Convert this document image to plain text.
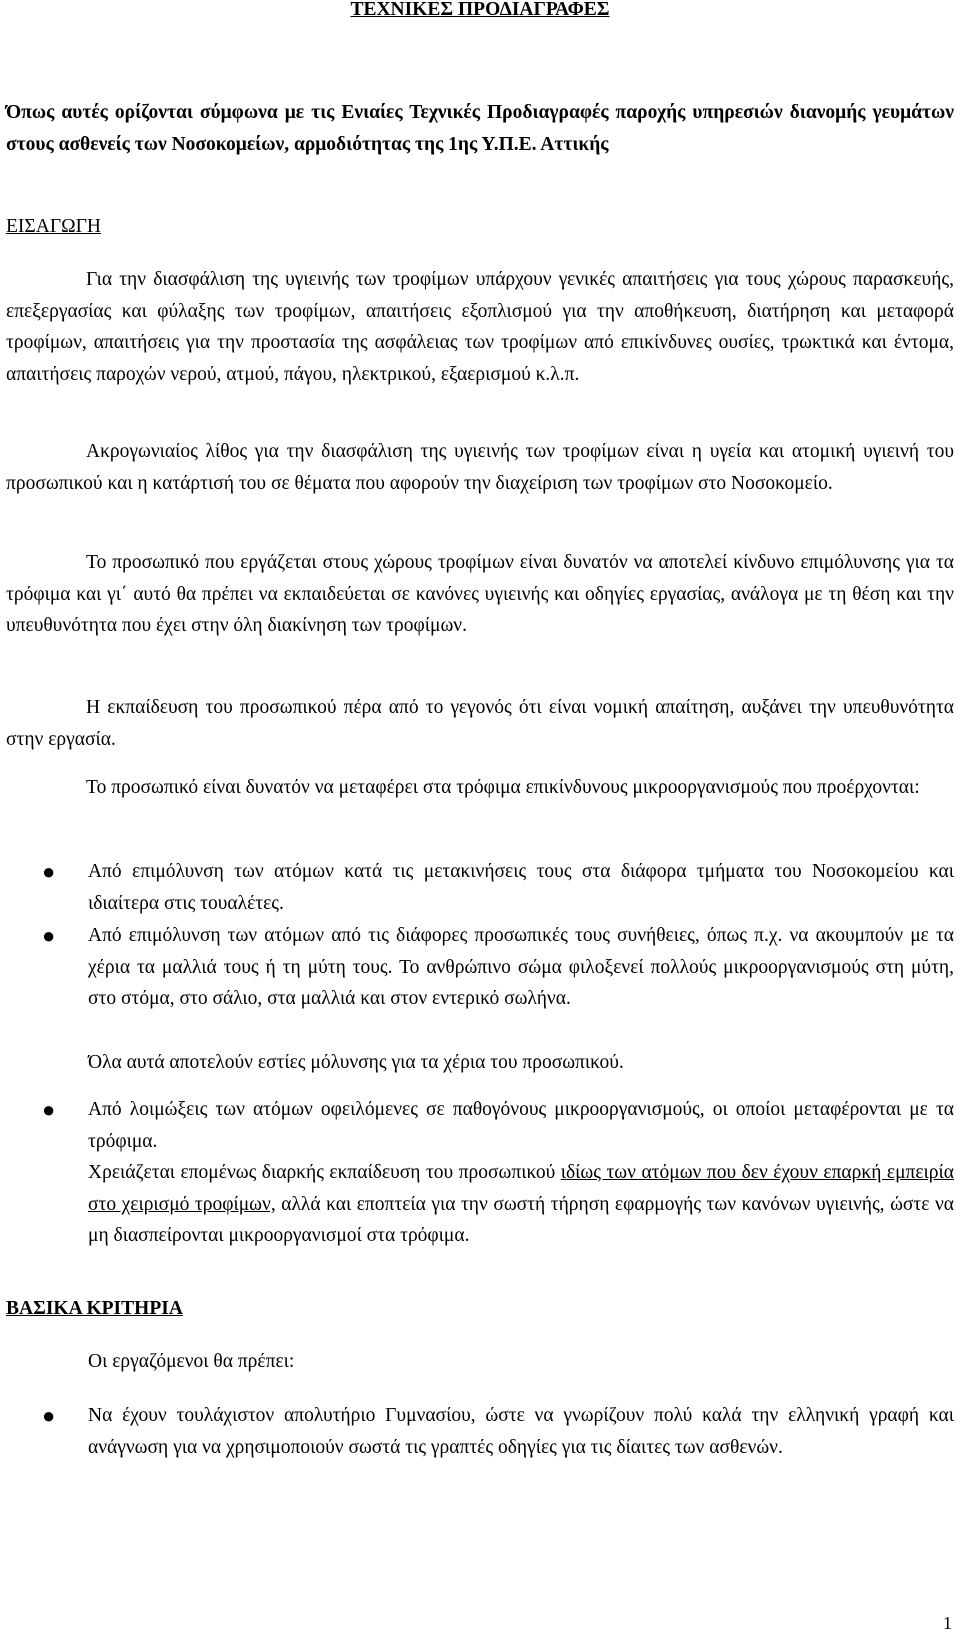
ΤΕΧΝΙΚΕΣ ΠΡΟΔΙΑΓΡΑΦΕΣ
Όπως αυτές ορίζονται σύμφωνα με τις Ενιαίες Τεχνικές Προδιαγραφές παροχής υπηρεσιών διανομής γευμάτων στους ασθενείς των Νοσοκομείων, αρμοδιότητας της 1ης Υ.Π.Ε. Αττικής
ΕΙΣΑΓΩΓΗ
Για την διασφάλιση της υγιεινής των τροφίμων υπάρχουν γενικές απαιτήσεις για τους χώρους παρασκευής, επεξεργασίας και φύλαξης των τροφίμων, απαιτήσεις εξοπλισμού για την αποθήκευση, διατήρηση και μεταφορά τροφίμων, απαιτήσεις για την προστασία της ασφάλειας των τροφίμων από επικίνδυνες ουσίες, τρωκτικά και έντομα, απαιτήσεις παροχών νερού, ατμού, πάγου, ηλεκτρικού, εξαερισμού κ.λ.π.
Ακρογωνιαίος λίθος για την διασφάλιση της υγιεινής των τροφίμων είναι η υγεία και ατομική υγιεινή του προσωπικού και η κατάρτισή του σε θέματα που αφορούν την διαχείριση των τροφίμων στο Νοσοκομείο.
Το προσωπικό που εργάζεται στους χώρους τροφίμων είναι δυνατόν να αποτελεί κίνδυνο επιμόλυνσης για τα τρόφιμα και γι΄ αυτό θα πρέπει να εκπαιδεύεται σε κανόνες υγιεινής και οδηγίες εργασίας, ανάλογα με τη θέση και την υπευθυνότητα που έχει στην όλη διακίνηση των τροφίμων.
Η εκπαίδευση του προσωπικού πέρα από το γεγονός ότι είναι νομική απαίτηση, αυξάνει την υπευθυνότητα στην εργασία.
Το προσωπικό είναι δυνατόν να μεταφέρει στα τρόφιμα επικίνδυνους μικροοργανισμούς που προέρχονται:
● Από επιμόλυνση των ατόμων κατά τις μετακινήσεις τους στα διάφορα τμήματα του Νοσοκομείου και ιδιαίτερα στις τουαλέτες.
● Από επιμόλυνση των ατόμων από τις διάφορες προσωπικές τους συνήθειες, όπως π.χ. να ακουμπούν με τα χέρια τα μαλλιά τους ή τη μύτη τους. Το ανθρώπινο σώμα φιλοξενεί πολλούς μικροοργανισμούς στη μύτη, στο στόμα, στο σάλιο, στα μαλλιά και στον εντερικό σωλήνα.
Όλα αυτά αποτελούν εστίες μόλυνσης για τα χέρια του προσωπικού.
● Από λοιμώξεις των ατόμων οφειλόμενες σε παθογόνους μικροοργανισμούς, οι οποίοι μεταφέρονται με τα τρόφιμα.
Χρειάζεται επομένως διαρκής εκπαίδευση του προσωπικού ιδίως των ατόμων που δεν έχουν επαρκή εμπειρία στο χειρισμό τροφίμων, αλλά και εποπτεία για την σωστή τήρηση εφαρμογής των κανόνων υγιεινής, ώστε να μη διασπείρονται μικροοργανισμοί στα τρόφιμα.
ΒΑΣΙΚΑ ΚΡΙΤΗΡΙΑ
Οι εργαζόμενοι θα πρέπει:
● Να έχουν τουλάχιστον απολυτήριο Γυμνασίου, ώστε να γνωρίζουν πολύ καλά την ελληνική γραφή και ανάγνωση για να χρησιμοποιούν σωστά τις γραπτές οδηγίες για τις δίαιτες των ασθενών.
1
